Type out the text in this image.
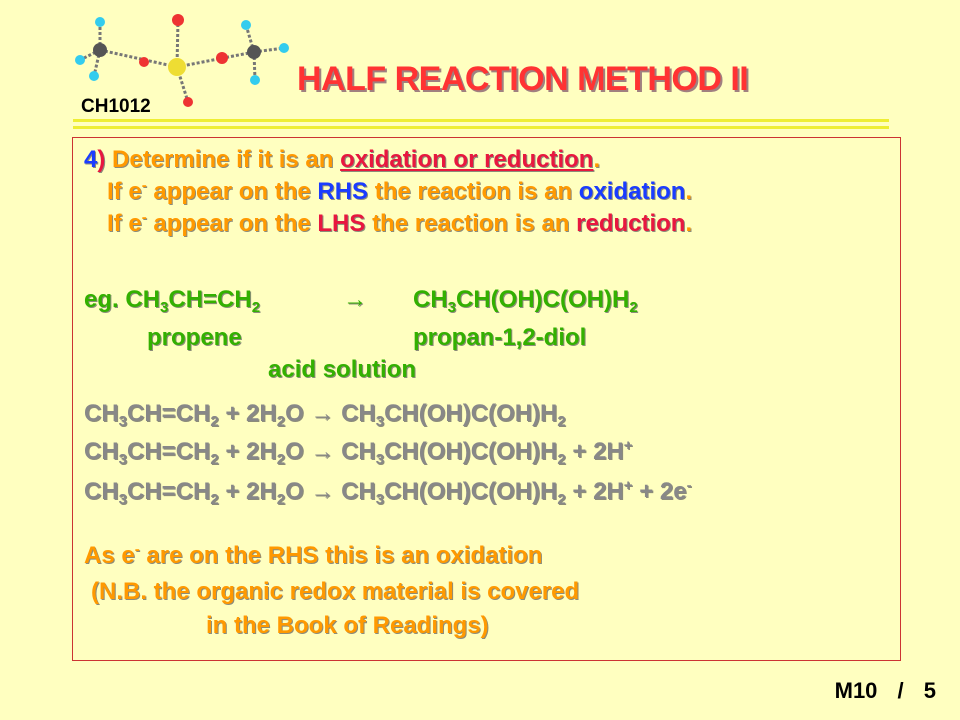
CH1012
HALF REACTION METHOD II
4) Determine if it is an oxidation or reduction.
If e- appear on the RHS the reaction is an oxidation.
If e- appear on the LHS the reaction is an reduction.
eg. $CH_3CH=CH_2$	→ $CH_3CH(OH)C(OH)H_2$
propene	propan-1,2-diol
acid solution
$CH_3CH=CH_2 + 2H_2O \to CH_3CH(OH)C(OH)H_2$
$CH_3CH=CH_2 + 2H_2O \to CH_3CH(OH)C(OH)H_2 + 2H^+$
$CH_3CH=CH_2 + 2H_2O \to CH_3CH(OH)C(OH)H_2 + 2H^+ + 2e^-$
As e- are on the RHS this is an oxidation
(N.B. the organic redox material is covered
in the Book of Readings)
M10 / 5
